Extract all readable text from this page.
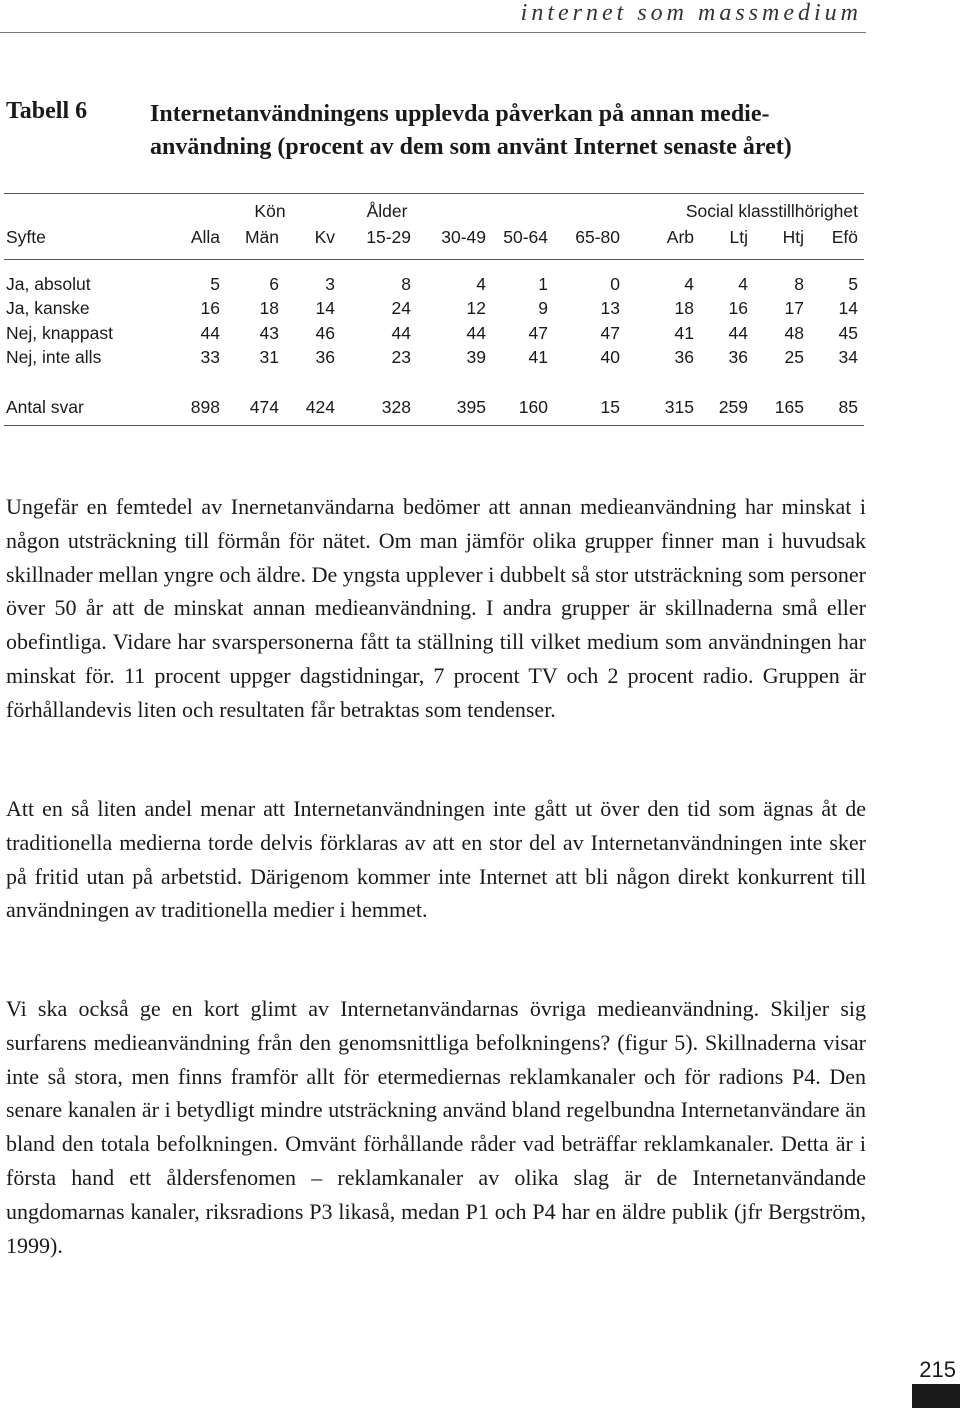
internet som massmedium
Tabell 6	Internetanvändningens upplevda påverkan på annan medie-användning (procent av dem som använt Internet senaste året)
Kön	Ålder	Social klasstillhörighet
Syfte	Alla Män Kv 15-29 30-49 50-64 65-80	Arb Ltj Htj Efö
Ja, absolut	5	6	3	8	4	1	0	4	4	8	5
Ja, kanske	16 18 14	24	12	9	13	18 16 17 14
Nej, knappast	44 43 46	44	44 47	47	41 44 48 45
Nej, inte alls	33 31 36	23	39 41	40	36 36 25 34
Antal svar	898 474 424	328	395 160	15	315 259 165 85
Ungefär en femtedel av Inernetanvändarna bedömer att annan medieanvändning har minskat i någon utsträckning till förmån för nätet. Om man jämför olika grupper finner man i huvudsak skillnader mellan yngre och äldre. De yngsta upplever i dubbelt så stor utsträckning som personer över 50 år att de minskat annan medieanvändning. I andra grupper är skillnaderna små eller obefintliga. Vidare har svarspersonerna fått ta ställning till vilket medium som användningen har minskat för. 11 procent uppger dagstidningar, 7 procent TV och 2 procent radio. Gruppen är förhållandevis liten och resultaten får betraktas som tendenser.
Att en så liten andel menar att Internetanvändningen inte gått ut över den tid som ägnas åt de traditionella medierna torde delvis förklaras av att en stor del av Internetanvändningen inte sker på fritid utan på arbetstid. Därigenom kommer inte Internet att bli någon direkt konkurrent till användningen av traditionella medier i hemmet.
Vi ska också ge en kort glimt av Internetanvändarnas övriga medieanvändning. Skiljer sig surfarens medieanvändning från den genomsnittliga befolkningens? (figur 5). Skillnaderna visar inte så stora, men finns framför allt för etermediernas reklamkanaler och för radions P4. Den senare kanalen är i betydligt mindre utsträckning använd bland regelbundna Internetanvändare än bland den totala befolkningen. Omvänt förhållande råder vad beträffar reklamkanaler. Detta är i första hand ett åldersfenomen – reklamkanaler av olika slag är de Internetanvändande ungdomarnas kanaler, riksradions P3 likaså, medan P1 och P4 har en äldre publik (jfr Bergström, 1999).
215
